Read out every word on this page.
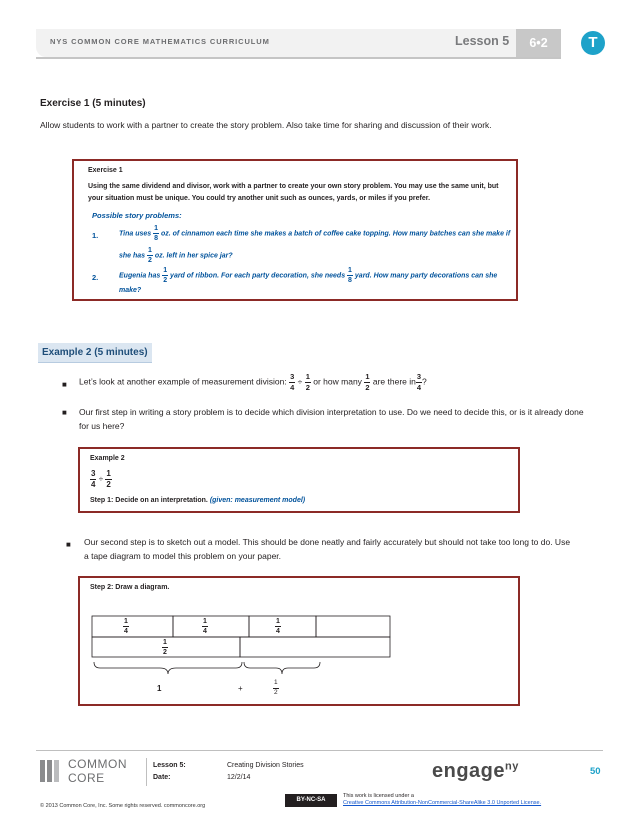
NYS COMMON CORE MATHEMATICS CURRICULUM	Lesson 5	6•2	T
Exercise 1 (5 minutes)
Allow students to work with a partner to create the story problem. Also take time for sharing and discussion of their work.
Exercise 1
Using the same dividend and divisor, work with a partner to create your own story problem. You may use the same unit, but your situation must be unique. You could try another unit such as ounces, yards, or miles if you prefer.
Possible story problems:
1.	Tina uses $\frac{1}{8}$ oz. of cinnamon each time she makes a batch of coffee cake topping. How many batches can she make if
she has $\frac{1}{2}$ oz. left in her spice jar?
2.	Eugenia has $\frac{1}{2}$ yard of ribbon. For each party decoration, she needs $\frac{1}{8}$ yard. How many party decorations can she
make?
Example 2 (5 minutes)
■ Let’s look at another example of measurement division: $\frac{3}{4} \div \frac{1}{2}$ or how many $\frac{1}{2}$ are there in $\frac{3}{4}$ ?
■ Our first step in writing a story problem is to decide which division interpretation to use. Do we need to decide this, or is it already done for us here?
Example 2
$\frac{3}{4} \div \frac{1}{2}$
Step 1: Decide on an interpretation. (given: measurement model)
■ Our second step is to sketch out a model. This should be done neatly and fairly accurately but should not take too long to do. Use a tape diagram to model this problem on your paper.
Step 2: Draw a diagram.
$\frac{1}{4}$	$\frac{1}{4}$	$\frac{1}{4}$
$\frac{1}{2}$
1	+	$\frac{1}{2}$
COMMON
CORE
Lesson 5:
Date:
Creating Division Stories
12/2/14	engage$^{ny}$	50
© 2013 Common Core, Inc. Some rights reserved. commoncore.org
BY-NC-SA
This work is licensed under a
Creative Commons Attribution-NonCommercial-ShareAlike 3.0 Unported License.
